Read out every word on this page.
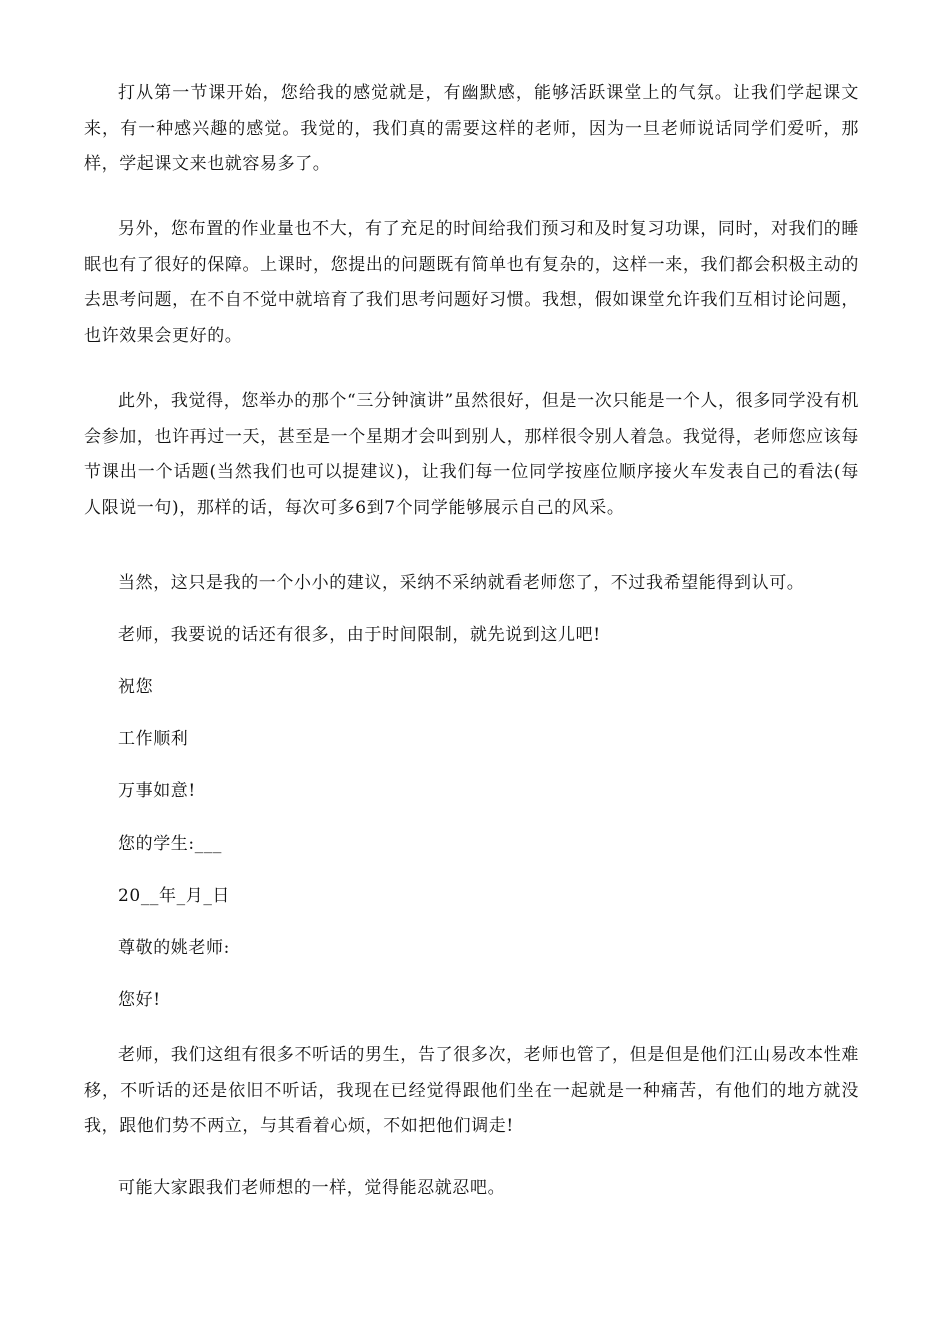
打从第一节课开始，您给我的感觉就是，有幽默感，能够活跃课堂上的气氛。让我们学起课文来，有一种感兴趣的感觉。我觉的，我们真的需要这样的老师，因为一旦老师说话同学们爱听，那样，学起课文来也就容易多了。

另外，您布置的作业量也不大，有了充足的时间给我们预习和及时复习功课，同时，对我们的睡眠也有了很好的保障。上课时，您提出的问题既有简单也有复杂的，这样一来，我们都会积极主动的去思考问题，在不自不觉中就培育了我们思考问题好习惯。我想，假如课堂允许我们互相讨论问题，也许效果会更好的。

此外，我觉得，您举办的那个“三分钟演讲”虽然很好，但是一次只能是一个人，很多同学没有机会参加，也许再过一天，甚至是一个星期才会叫到别人，那样很令别人着急。我觉得，老师您应该每节课出一个话题(当然我们也可以提建议)，让我们每一位同学按座位顺序接火车发表自己的看法(每人限说一句)，那样的话，每次可多6到7个同学能够展示自己的风采。

当然，这只是我的一个小小的建议，采纳不采纳就看老师您了，不过我希望能得到认可。

老师，我要说的话还有很多，由于时间限制，就先说到这儿吧!

祝您

工作顺利

万事如意!

您的学生:___

20__年_月_日

尊敬的姚老师:

您好!

老师，我们这组有很多不听话的男生，告了很多次，老师也管了，但是但是他们江山易改本性难移，不听话的还是依旧不听话，我现在已经觉得跟他们坐在一起就是一种痛苦，有他们的地方就没我，跟他们势不两立，与其看着心烦，不如把他们调走!

可能大家跟我们老师想的一样，觉得能忍就忍吧。
